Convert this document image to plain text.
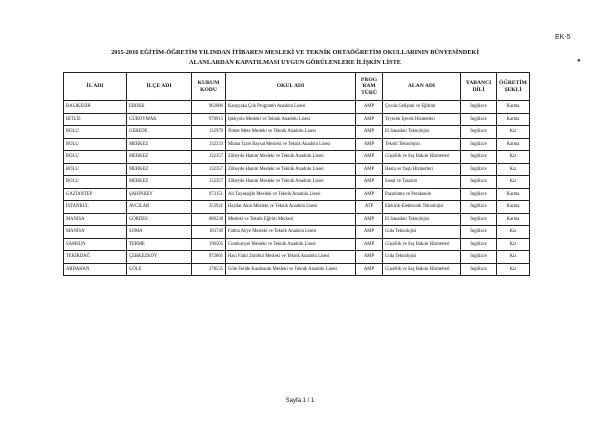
EK-5
●
2015-2016 EĞİTİM-ÖĞRETİM YILINDAN İTİBAREN MESLEKİ VE TEKNİK ORTAÖĞRETİM OKULLARININ BÜNYESİNDEKİ
ALANLARDAN KAPATILMASI UYGUN GÖRÜLENLERE İLİŞKİN LİSTE
İL ADI	İLÇE ADI	KURUM KODU	OKUL ADI	PROG RAM TÜRÜ	ALAN ADI	YABANCI DİLİ	ÖĞRETİM ŞEKLİ
BALIKESİR	ERDEK	962080	Karşıyaka Çok Programlı Anadolu Lisesi	AMP	Çocuk Gelişimi ve Eğitimi	İngilizce	Karma
BİTLİS	GÜROYMAK	970915	İpekyolu Mesleki ve Teknik Anadolu Lisesi	AMP	Yiyecek İçecek Hizmetleri	İngilizce	Karma
BOLU	GEREDE	132979	Nimet Mete Mesleki ve Teknik Anadolu Lisesi	AMP	El Sanatları Teknolojisi	İngilizce	Kız
BOLU	MERKEZ	132333	Mimar İzzet Baysal Mesleki ve Teknik Anadolu Lisesi	AMP	Tekstil Teknolojisi	İngilizce	Karma
BOLU	MERKEZ	132357	Zübeyde Hanım Mesleki ve Teknik Anadolu Lisesi	AMP	Güzellik ve Saç Bakım Hizmetleri	İngilizce	Kız
BOLU	MERKEZ	132357	Zübeyde Hanım Mesleki ve Teknik Anadolu Lisesi	AMP	Hasta ve Yaşlı Hizmetleri	İngilizce	Kız
BOLU	MERKEZ	132357	Zübeyde Hanım Mesleki ve Teknik Anadolu Lisesi	AMP	Sanat ve Tasarım	İngilizce	Kız
GAZİANTEP	ŞAHİNBEY	973151	Ali Tuyakoğlu Mesleki ve Teknik Anadolu Lisesi	AMP	Pazarlama ve Perakende	İngilizce	Karma
İSTANBUL	AVCILAR	353921	Haydar Akın Mesleki ve Teknik Anadolu Lisesi	ATP	Elektrik-Elektronik Teknolojisi	İngilizce	Karma
MANİSA	GÖRDES	880238	Mesleki ve Teknik Eğitim Merkezi	AMP	El Sanatları Teknolojisi	İngilizce	Karma
MANİSA	SOMA	183749	Fatma Aliye Mesleki ve Teknik Anadolu Lisesi	AMP	Gıda Teknolojisi	İngilizce	Kız
SAMSUN	TERME	196505	Cumhuriyet Mesleki ve Teknik Anadolu Lisesi	AMP	Güzellik ve Saç Bakım Hizmetleri	İngilizce	Kız
TEKİRDAĞ	ÇERKEZKÖY	972001	Hacı Fahri Zumbul Mesleki ve Teknik Anadolu Lisesi	AMP	Gıda Teknolojisi	İngilizce	Kız
ARDAHAN	GÖLE	278535	Göle Feride Karabacak Mesleki ve Teknik Anadolu Lisesi	AMP	Güzellik ve Saç Bakım Hizmetleri	İngilizce	Kız
Sayfa 1 / 1
